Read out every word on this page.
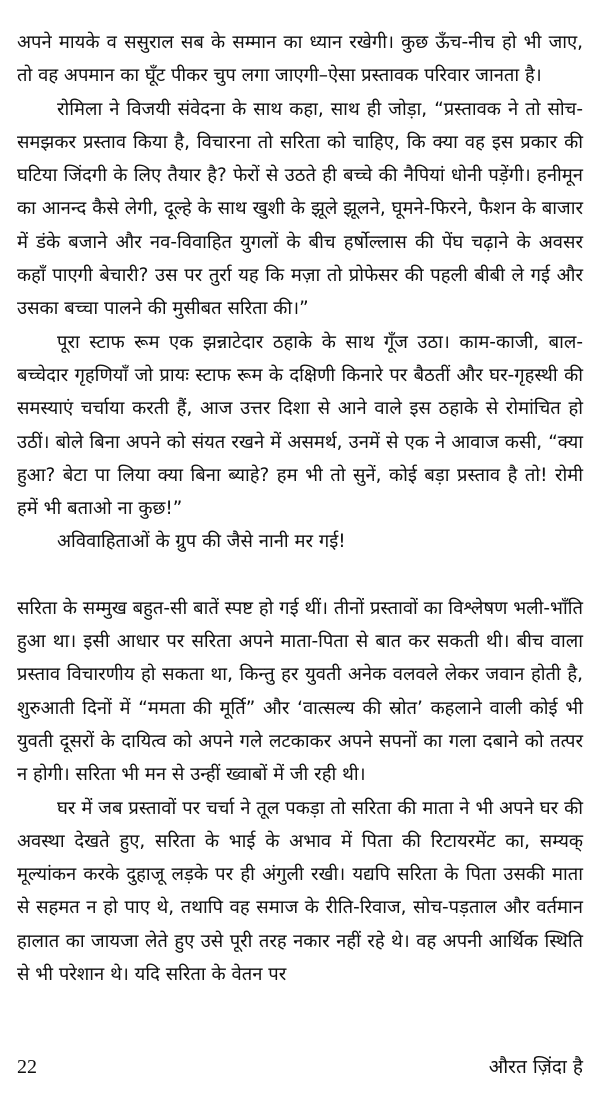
अपने मायके व ससुराल सब के सम्मान का ध्यान रखेगी। कुछ ऊँच-नीच हो भी जाए, तो वह अपमान का घूँट पीकर चुप लगा जाएगी–ऐसा प्रस्तावक परिवार जानता है।

रोमिला ने विजयी संवेदना के साथ कहा, साथ ही जोड़ा, “प्रस्तावक ने तो सोच-समझकर प्रस्ताव किया है, विचारना तो सरिता को चाहिए, कि क्या वह इस प्रकार की घटिया जिंदगी के लिए तैयार है? फेरों से उठते ही बच्चे की नैपियां धोनी पड़ेंगी। हनीमून का आनन्द कैसे लेगी, दूल्हे के साथ खुशी के झूले झूलने, घूमने-फिरने, फैशन के बाजार में डंके बजाने और नव-विवाहित युगलों के बीच हर्षोल्लास की पेंघ चढ़ाने के अवसर कहाँ पाएगी बेचारी? उस पर तुर्रा यह कि मज़ा तो प्रोफेसर की पहली बीबी ले गई और उसका बच्चा पालने की मुसीबत सरिता की।”

पूरा स्टाफ रूम एक झन्नाटेदार ठहाके के साथ गूँज उठा। काम-काजी, बाल-बच्चेदार गृहणियाँ जो प्रायः स्टाफ रूम के दक्षिणी किनारे पर बैठतीं और घर-गृहस्थी की समस्याएं चर्चाया करती हैं, आज उत्तर दिशा से आने वाले इस ठहाके से रोमांचित हो उठीं। बोले बिना अपने को संयत रखने में असमर्थ, उनमें से एक ने आवाज कसी, “क्या हुआ? बेटा पा लिया क्या बिना ब्याहे? हम भी तो सुनें, कोई बड़ा प्रस्ताव है तो! रोमी हमें भी बताओ ना कुछ!”

अविवाहिताओं के ग्रुप की जैसे नानी मर गई!

सरिता के सम्मुख बहुत-सी बातें स्पष्ट हो गई थीं। तीनों प्रस्तावों का विश्लेषण भली-भाँति हुआ था। इसी आधार पर सरिता अपने माता-पिता से बात कर सकती थी। बीच वाला प्रस्ताव विचारणीय हो सकता था, किन्तु हर युवती अनेक वलवले लेकर जवान होती है, शुरुआती दिनों में “ममता की मूर्ति” और ‘वात्सल्य की स्रोत’ कहलाने वाली कोई भी युवती दूसरों के दायित्व को अपने गले लटकाकर अपने सपनों का गला दबाने को तत्पर न होगी। सरिता भी मन से उन्हीं ख्वाबों में जी रही थी।

घर में जब प्रस्तावों पर चर्चा ने तूल पकड़ा तो सरिता की माता ने भी अपने घर की अवस्था देखते हुए, सरिता के भाई के अभाव में पिता की रिटायरमेंट का, सम्यक् मूल्यांकन करके दुहाजू लड़के पर ही अंगुली रखी। यद्यपि सरिता के पिता उसकी माता से सहमत न हो पाए थे, तथापि वह समाज के रीति-रिवाज, सोच-पड़ताल और वर्तमान हालात का जायजा लेते हुए उसे पूरी तरह नकार नहीं रहे थे। वह अपनी आर्थिक स्थिति से भी परेशान थे। यदि सरिता के वेतन पर

22	औरत ज़िंदा है
